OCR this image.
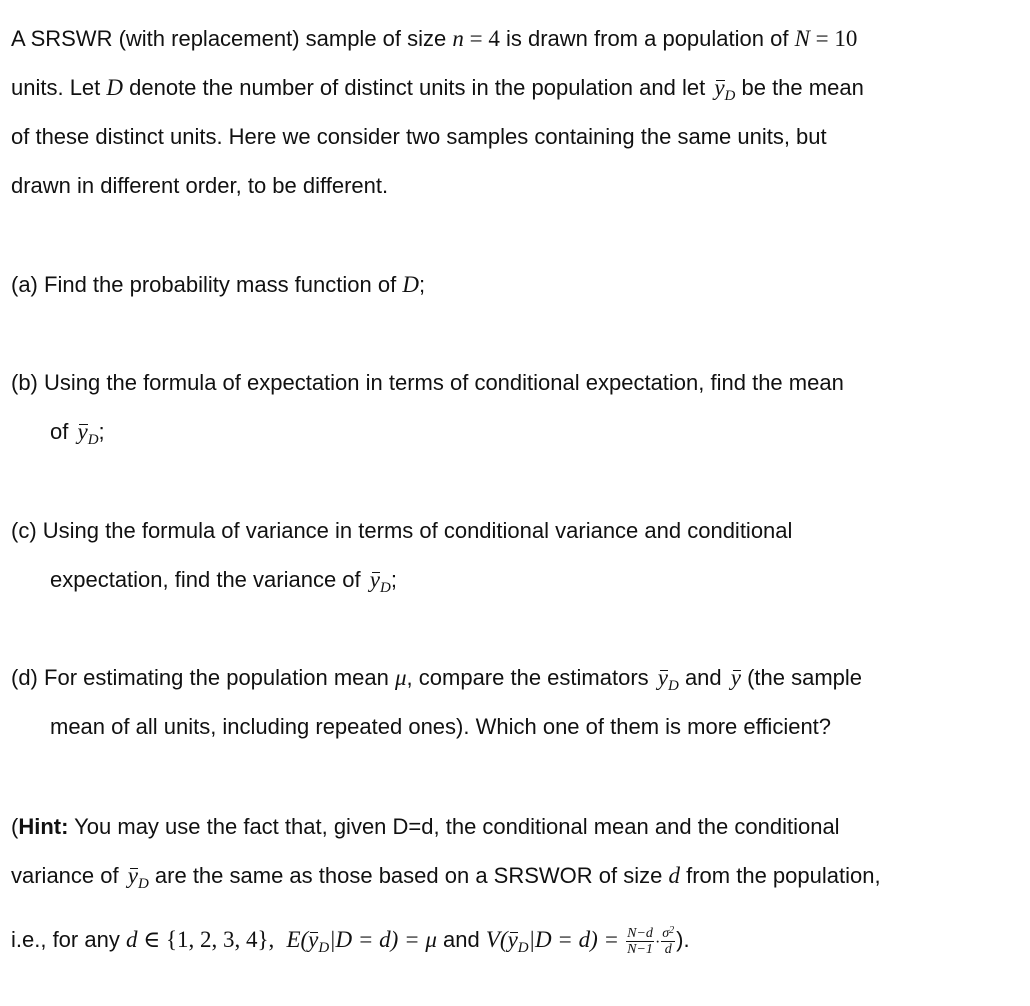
A SRSWR (with replacement) sample of size n = 4 is drawn from a population of N = 10
units. Let D denote the number of distinct units in the population and let $y_D$ be the mean
of these distinct units. Here we consider two samples containing the same units, but
drawn in different order, to be different.
(a) Find the probability mass function of D;
(b) Using the formula of expectation in terms of conditional expectation, find the mean
of $y_D$;
(c) Using the formula of variance in terms of conditional variance and conditional
expectation, find the variance of $y_D$;
(d) For estimating the population mean μ, compare the estimators $y_D$ and y (the sample
mean of all units, including repeated ones). Which one of them is more efficient?
(Hint: You may use the fact that, given D=d, the conditional mean and the conditional
variance of $y_D$ are the same as those based on a SRSWOR of size d from the population,
i.e., for any d ∈ {1, 2, 3, 4}, $E(y_D|D = d) = \mu$ and $V(y_D|D = d) = \frac{N-d}{N-1} \cdot \frac{\sigma^2}{d}$ ).
